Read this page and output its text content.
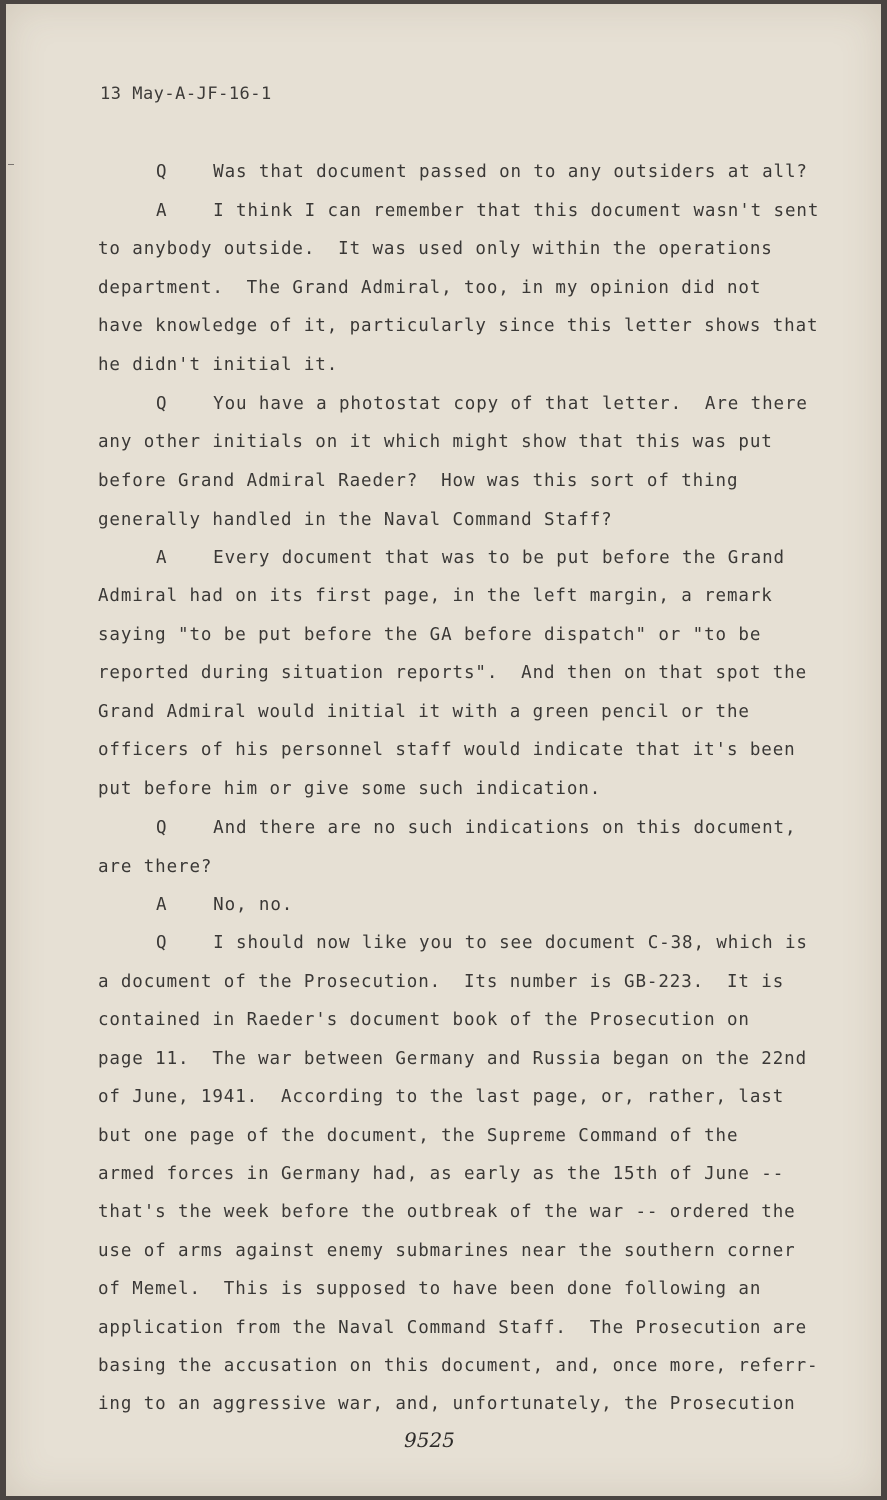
13 May-A-JF-16-1
Q    Was that document passed on to any outsiders at all?
A    I think I can remember that this document wasn't sent
to anybody outside.  It was used only within the operations
department.  The Grand Admiral, too, in my opinion did not
have knowledge of it, particularly since this letter shows that
he didn't initial it.
Q    You have a photostat copy of that letter.  Are there
any other initials on it which might show that this was put
before Grand Admiral Raeder?  How was this sort of thing
generally handled in the Naval Command Staff?
A    Every document that was to be put before the Grand
Admiral had on its first page, in the left margin, a remark
saying "to be put before the GA before dispatch" or "to be
reported during situation reports".  And then on that spot the
Grand Admiral would initial it with a green pencil or the
officers of his personnel staff would indicate that it's been
put before him or give some such indication.
Q    And there are no such indications on this document,
are there?
A    No, no.
Q    I should now like you to see document C-38, which is
a document of the Prosecution.  Its number is GB-223.  It is
contained in Raeder's document book of the Prosecution on
page 11.  The war between Germany and Russia began on the 22nd
of June, 1941.  According to the last page, or, rather, last
but one page of the document, the Supreme Command of the
armed forces in Germany had, as early as the 15th of June --
that's the week before the outbreak of the war -- ordered the
use of arms against enemy submarines near the southern corner
of Memel.  This is supposed to have been done following an
application from the Naval Command Staff.  The Prosecution are
basing the accusation on this document, and, once more, referr-
ing to an aggressive war, and, unfortunately, the Prosecution
9525
